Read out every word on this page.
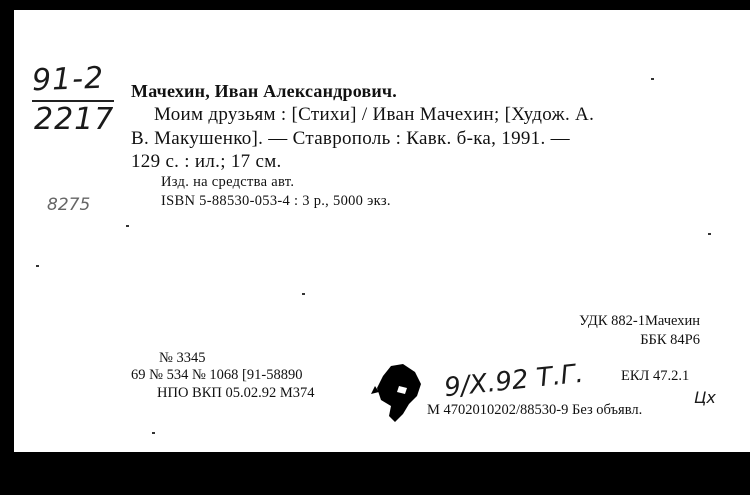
91-2
2217
8275
Мачехин, Иван Александрович.
Моим друзьям : [Стихи] / Иван Мачехин; [Худож. А.
В. Макушенко]. — Ставрополь : Кавк. б-ка, 1991. —
129 с. : ил.; 17 см.
Изд. на средства авт.
ISBN 5-88530-053-4 : 3 р., 5000 экз.
УДК 882-1Мачехин
ББК 84Р6
№ 3345
69 № 534 № 1068 [91-58890
НПО ВКП 05.02.92 М374
ЕКЛ 47.2.1
М 4702010202/88530-9 Без объявл.
9/X.92 Т.Г.	Цх
